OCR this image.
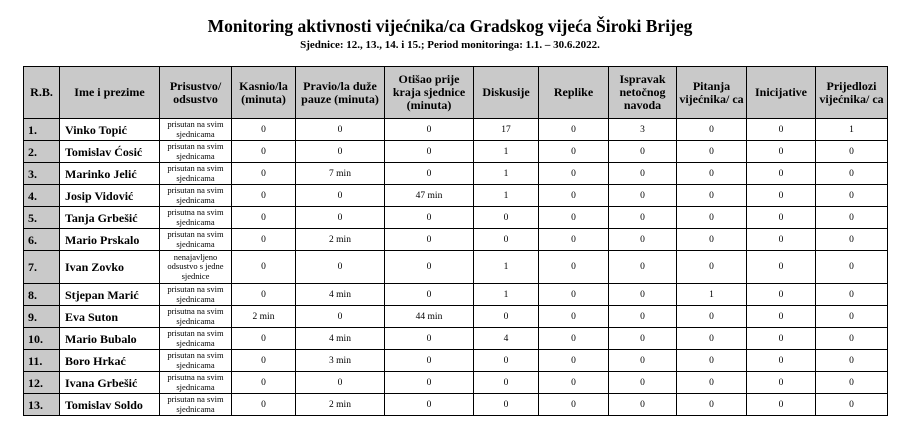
Monitoring aktivnosti vijećnika/ca Gradskog vijeća Široki Brijeg
Sjednice: 12., 13., 14. i 15.; Period monitoringa: 1.1. – 30.6.2022.
R.B.	Ime i prezime	Prisustvo/ odsustvo	Kasnio/la (minuta)	Pravio/la duže pauze (minuta)	Otišao prije kraja sjednice (minuta)	Diskusije	Replike	Ispravak netočnog navoda	Pitanja vijećnika/ ca	Inicijative	Prijedlozi vijećnika/ ca
1.	Vinko Topić	prisutan na svim sjednicama	0	0	0	17	0	3	0	0	1
2.	Tomislav Ćosić	prisutan na svim sjednicama	0	0	0	1	0	0	0	0	0
3.	Marinko Jelić	prisutan na svim sjednicama	0	7 min	0	1	0	0	0	0	0
4.	Josip Vidović	prisutan na svim sjednicama	0	0	47 min	1	0	0	0	0	0
5.	Tanja Grbešić	prisutna na svim sjednicama	0	0	0	0	0	0	0	0	0
6.	Mario Prskalo	prisutan na svim sjednicama	0	2 min	0	0	0	0	0	0	0
7.	Ivan Zovko	nenajavljeno odsustvo s jedne sjednice	0	0	0	1	0	0	0	0	0
8.	Stjepan Marić	prisutan na svim sjednicama	0	4 min	0	1	0	0	1	0	0
9.	Eva Suton	prisutna na svim sjednicama	2 min	0	44 min	0	0	0	0	0	0
10.	Mario Bubalo	prisutan na svim sjednicama	0	4 min	0	4	0	0	0	0	0
11.	Boro Hrkać	prisutan na svim sjednicama	0	3 min	0	0	0	0	0	0	0
12.	Ivana Grbešić	prisutna na svim sjednicama	0	0	0	0	0	0	0	0	0
13.	Tomislav Soldo	prisutan na svim sjednicama	0	2 min	0	0	0	0	0	0	0
